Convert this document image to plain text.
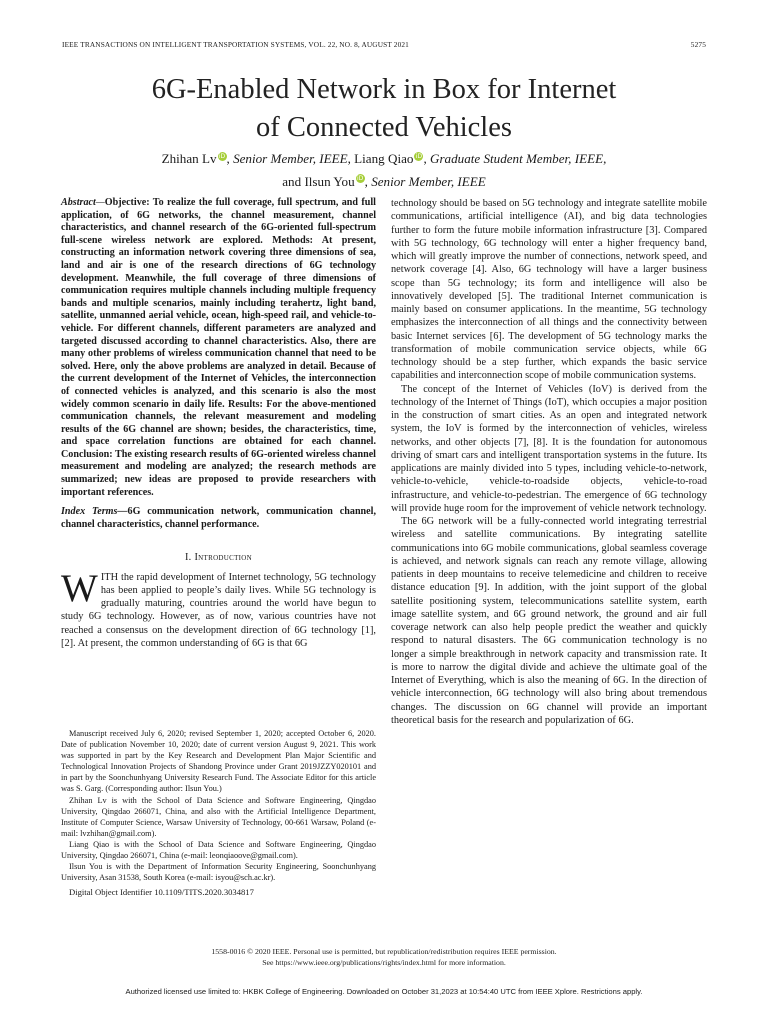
IEEE TRANSACTIONS ON INTELLIGENT TRANSPORTATION SYSTEMS, VOL. 22, NO. 8, AUGUST 2021	5275
6G-Enabled Network in Box for Internet
of Connected Vehicles
Zhihan Lv iD, Senior Member, IEEE, Liang Qiao iD, Graduate Student Member, IEEE,
and Ilsun You iD, Senior Member, IEEE

Abstract—Objective: To realize the full coverage, full spectrum, and full application, of 6G networks, the channel measurement, channel characteristics, and channel research of the 6G-oriented full-spectrum full-scene wireless network are explored. Methods: At present, constructing an information network covering three dimensions of sea, land and air is one of the research directions of 6G technology development. Meanwhile, the full coverage of three dimensions of communication requires multiple channels including multiple frequency bands and multiple scenarios, mainly including terahertz, light band, satellite, unmanned aerial vehicle, ocean, high-speed rail, and vehicle-to-vehicle. For different channels, different parameters are analyzed and targeted discussed according to channel characteristics. Also, there are many other problems of wireless communication channel that need to be solved. Here, only the above problems are analyzed in detail. Because of the current development of the Internet of Vehicles, the interconnection of connected vehicles is analyzed, and this scenario is also the most widely common scenario in daily life. Results: For the above-mentioned communication channels, the relevant measurement and modeling results of the 6G channel are shown; besides, the characteristics, time, and space correlation functions are obtained for each channel. Conclusion: The existing research results of 6G-oriented wireless channel measurement and modeling are analyzed; the research methods are summarized; new ideas are proposed to provide researchers with important references.

Index Terms—6G communication network, communication channel, channel characteristics, channel performance.

I. Introduction
W ITH the rapid development of Internet technology, 5G technology has been applied to people’s daily lives. While 5G technology is gradually maturing, countries around the world have begun to study 6G technology. However, as of now, various countries have not reached a consensus on the development direction of 6G technology [1], [2]. At present, the common understanding of 6G is that 6G

Manuscript received July 6, 2020; revised September 1, 2020; accepted October 6, 2020. Date of publication November 10, 2020; date of current version August 9, 2021. This work was supported in part by the Key Research and Development Plan Major Scientific and Technological Innovation Projects of Shandong Province under Grant 2019JZZY020101 and in part by the Soonchunhyang University Research Fund. The Associate Editor for this article was S. Garg. (Corresponding author: Ilsun You.)

Zhihan Lv is with the School of Data Science and Software Engineering, Qingdao University, Qingdao 266071, China, and also with the Artificial Intelligence Department, Institute of Computer Science, Warsaw University of Technology, 00-661 Warsaw, Poland (e-mail: lvzhihan@gmail.com).

Liang Qiao is with the School of Data Science and Software Engineering, Qingdao University, Qingdao 266071, China (e-mail: leonqiaoove@gmail.com).

Ilsun You is with the Department of Information Security Engineering, Soonchunhyang University, Asan 31538, South Korea (e-mail: isyou@sch.ac.kr).

Digital Object Identifier 10.1109/TITS.2020.3034817

technology should be based on 5G technology and integrate satellite mobile communications, artificial intelligence (AI), and big data technologies further to form the future mobile information infrastructure [3]. Compared with 5G technology, 6G technology will enter a higher frequency band, which will greatly improve the number of connections, network speed, and network coverage [4]. Also, 6G technology will have a larger business scope than 5G technology; its form and intelligence will also be innovatively developed [5]. The traditional Internet communication is mainly based on consumer applications. In the meantime, 5G technology emphasizes the interconnection of all things and the connectivity between basic Internet services [6]. The development of 5G technology marks the transformation of mobile communication service objects, while 6G technology should be a step further, which expands the basic service capabilities and interconnection scope of mobile communication systems.

The concept of the Internet of Vehicles (IoV) is derived from the technology of the Internet of Things (IoT), which occupies a major position in the construction of smart cities. As an open and integrated network system, the IoV is formed by the interconnection of vehicles, wireless networks, and other objects [7], [8]. It is the foundation for autonomous driving of smart cars and intelligent transportation systems in the future. Its applications are mainly divided into 5 types, including vehicle-to-network, vehicle-to-vehicle, vehicle-to-roadside objects, vehicle-to-road infrastructure, and vehicle-to-pedestrian. The emergence of 6G technology will provide huge room for the improvement of vehicle network technology.

The 6G network will be a fully-connected world integrating terrestrial wireless and satellite communications. By integrating satellite communications into 6G mobile communications, global seamless coverage is achieved, and network signals can reach any remote village, allowing patients in deep mountains to receive telemedicine and children to receive distance education [9]. In addition, with the joint support of the global satellite positioning system, telecommunications satellite system, earth image satellite system, and 6G ground network, the ground and air full coverage network can also help people predict the weather and quickly respond to natural disasters. The 6G communication technology is no longer a simple breakthrough in network capacity and transmission rate. It is more to narrow the digital divide and achieve the ultimate goal of the Internet of Everything, which is also the meaning of 6G. In the direction of vehicle interconnection, 6G technology will also bring about tremendous changes. The discussion on 6G channel will provide an important theoretical basis for the research and popularization of 6G.

1558-0016 © 2020 IEEE. Personal use is permitted, but republication/redistribution requires IEEE permission.
See https://www.ieee.org/publications/rights/index.html for more information.
Authorized licensed use limited to: HKBK College of Engineering. Downloaded on October 31,2023 at 10:54:40 UTC from IEEE Xplore. Restrictions apply.
